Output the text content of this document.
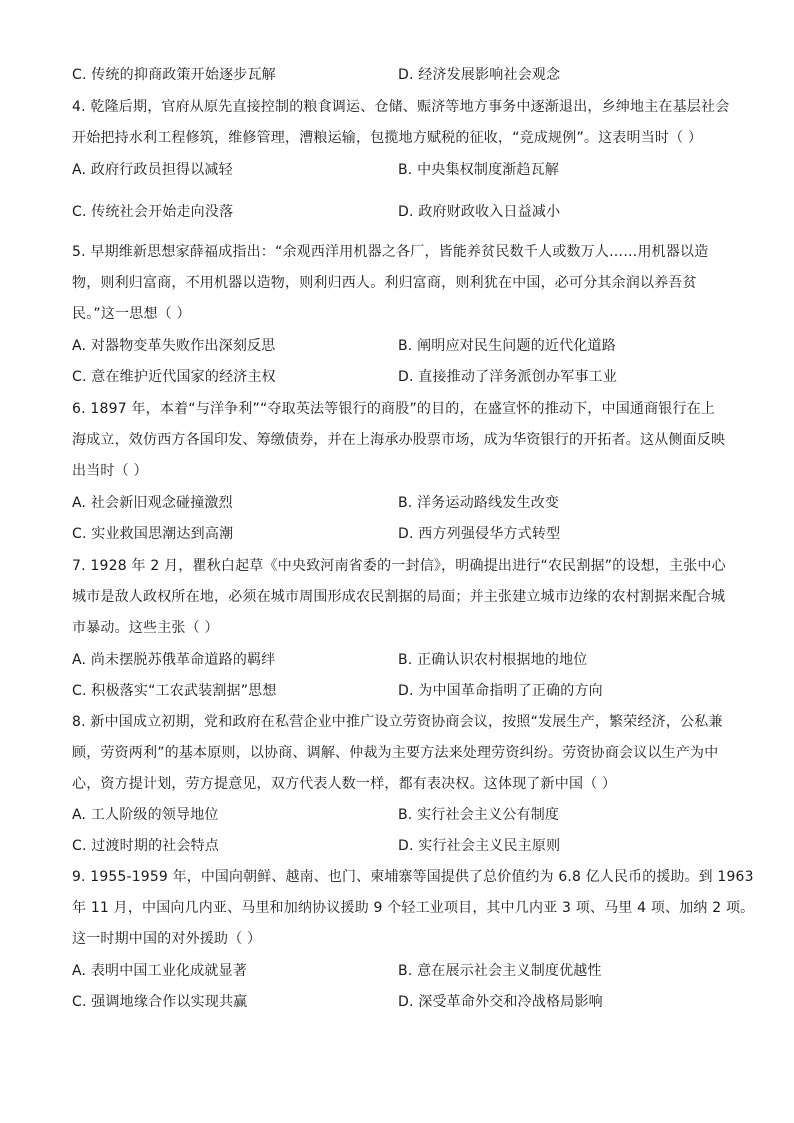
C. 传统的抑商政策开始逐步瓦解	D. 经济发展影响社会观念
4. 乾隆后期，官府从原先直接控制的粮食调运、仓储、赈济等地方事务中逐渐退出，乡绅地主在基层社会
开始把持水利工程修筑，维修管理，漕粮运输，包揽地方赋税的征收，“竞成规例”。这表明当时（ ）
A. 政府行政员担得以减轻	B. 中央集权制度渐趋瓦解
C. 传统社会开始走向没落	D. 政府财政收入日益减小
5. 早期维新思想家薛福成指出：“余观西洋用机器之各厂，皆能养贫民数千人或数万人……用机器以造
物，则利归富商，不用机器以造物，则利归西人。利归富商，则利犹在中国，必可分其余润以养吾贫
民。”这一思想（ ）
A. 对器物变革失败作出深刻反思	B. 阐明应对民生问题的近代化道路
C. 意在维护近代国家的经济主权	D. 直接推动了洋务派创办军事工业
6. 1897 年，本着“与洋争利”“夺取英法等银行的商股”的目的，在盛宣怀的推动下，中国通商银行在上
海成立，效仿西方各国印发、筹缴债券，并在上海承办股票市场，成为华资银行的开拓者。这从侧面反映
出当时（ ）
A. 社会新旧观念碰撞激烈	B. 洋务运动路线发生改变
C. 实业救国思潮达到高潮	D. 西方列强侵华方式转型
7. 1928 年 2 月，瞿秋白起草《中央致河南省委的一封信》，明确提出进行“农民割据”的设想，主张中心
城市是敌人政权所在地，必须在城市周围形成农民割据的局面；并主张建立城市边缘的农村割据来配合城
市暴动。这些主张（ ）
A. 尚未摆脱苏俄革命道路的羁绊	B. 正确认识农村根据地的地位
C. 积极落实“工农武装割据”思想	D. 为中国革命指明了正确的方向
8. 新中国成立初期，党和政府在私营企业中推广设立劳资协商会议，按照“发展生产，繁荣经济，公私兼
顾，劳资两利”的基本原则，以协商、调解、仲裁为主要方法来处理劳资纠纷。劳资协商会议以生产为中
心，资方提计划，劳方提意见，双方代表人数一样，都有表决权。这体现了新中国（ ）
A. 工人阶级的领导地位	B. 实行社会主义公有制度
C. 过渡时期的社会特点	D. 实行社会主义民主原则
9. 1955-1959 年，中国向朝鲜、越南、也门、柬埔寨等国提供了总价值约为 6.8 亿人民币的援助。到 1963
年 11 月，中国向几内亚、马里和加纳协议援助 9 个轻工业项目，其中几内亚 3 项、马里 4 项、加纳 2 项。
这一时期中国的对外援助（ ）
A. 表明中国工业化成就显著	B. 意在展示社会主义制度优越性
C. 强调地缘合作以实现共赢	D. 深受革命外交和冷战格局影响
